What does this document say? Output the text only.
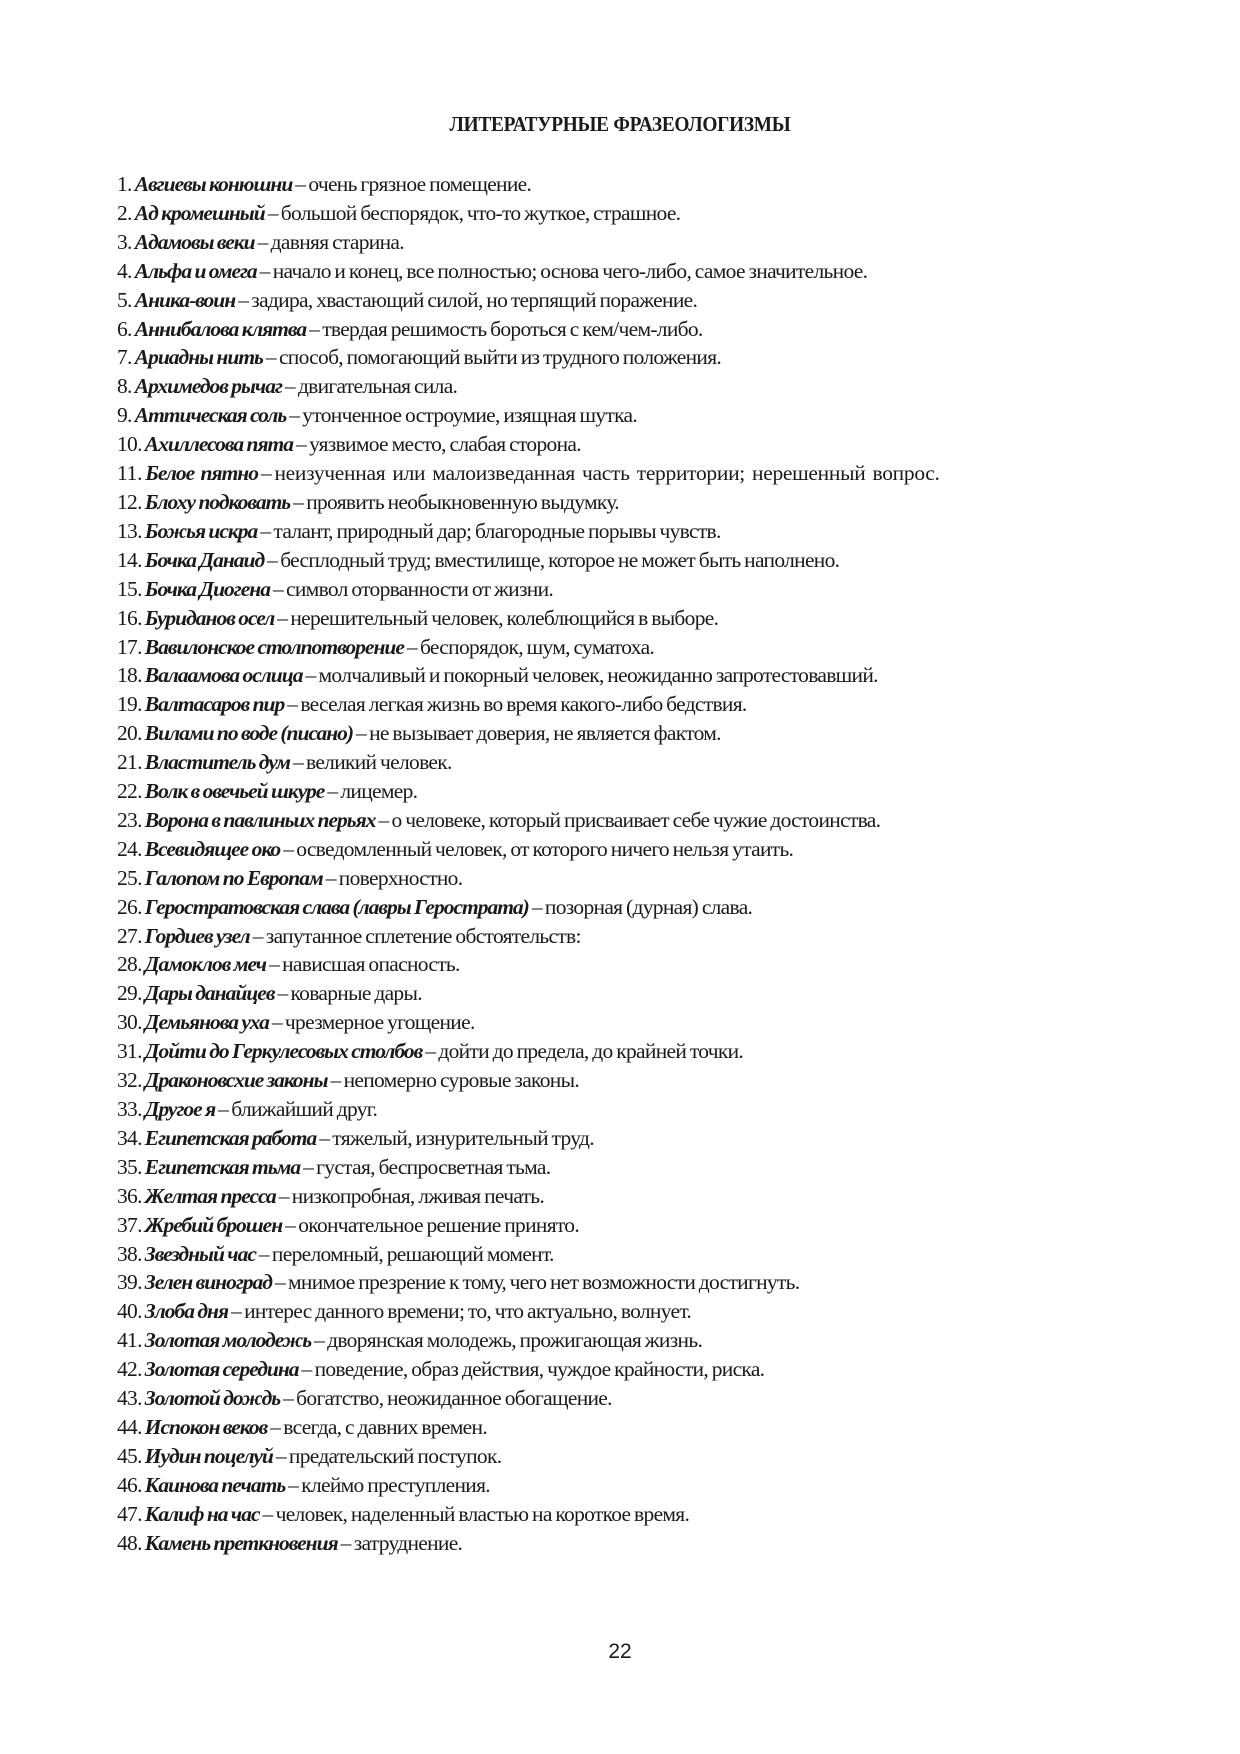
ЛИТЕРАТУРНЫЕ ФРАЗЕОЛОГИЗМЫ
1. Авгиевы конюшни – очень грязное помещение.
2. Ад кромешный – большой беспорядок, что-то жуткое, страшное.
3. Адамовы веки – давняя старина.
4. Альфа и омега – начало и конец, все полностью; основа чего-либо, самое значительное.
5. Аника-воин – задира, хвастающий силой, но терпящий поражение.
6. Аннибалова клятва – твердая решимость бороться с кем/чем-либо.
7. Ариадны нить – способ, помогающий выйти из трудного положения.
8. Архимедов рычаг – двигательная сила.
9. Аттическая соль – утонченное остроумие, изящная шутка.
10. Ахиллесова пята – уязвимое место, слабая сторона.
11. Белое пятно – неизученная или малоизведанная часть территории; нерешенный вопрос.
12. Блоху подковать – проявить необыкновенную выдумку.
13. Божья искра – талант, природный дар; благородные порывы чувств.
14. Бочка Данаид – бесплодный труд; вместилище, которое не может быть наполнено.
15. Бочка Диогена – символ оторванности от жизни.
16. Буриданов осел – нерешительный человек, колеблющийся в выборе.
17. Вавилонское столпотворение – беспорядок, шум, суматоха.
18. Валаамова ослица – молчаливый и покорный человек, неожиданно запротестовавший.
19. Валтасаров пир – веселая легкая жизнь во время какого-либо бедствия.
20. Вилами по воде (писано) – не вызывает доверия, не является фактом.
21. Властитель дум – великий человек.
22. Волк в овечьей шкуре – лицемер.
23. Ворона в павлиньих перьях – о человеке, который присваивает себе чужие достоинства.
24. Всевидящее око – осведомленный человек, от которого ничего нельзя утаить.
25. Галопом по Европам – поверхностно.
26. Геростратовская слава (лавры Герострата) – позорная (дурная) слава.
27. Гордиев узел – запутанное сплетение обстоятельств:
28. Дамоклов меч – нависшая опасность.
29. Дары данайцев – коварные дары.
30. Демьянова уха – чрезмерное угощение.
31. Дойти до Геркулесовых столбов – дойти до предела, до крайней точки.
32. Драконовсхие законы – непомерно суровые законы.
33. Другое я – ближайший друг.
34. Египетская работа – тяжелый, изнурительный труд.
35. Египетская тьма – густая, беспросветная тьма.
36. Желтая пресса – низкопробная, лживая печать.
37. Жребий брошен – окончательное решение принято.
38. Звездный час – переломный, решающий момент.
39. Зелен виноград – мнимое презрение к тому, чего нет возможности достигнуть.
40. Злоба дня – интерес данного времени; то, что актуально, волнует.
41. Золотая молодежь – дворянская молодежь, прожигающая жизнь.
42. Золотая середина – поведение, образ действия, чуждое крайности, риска.
43. Золотой дождь – богатство, неожиданное обогащение.
44. Испокон веков – всегда, с давних времен.
45. Иудин поцелуй – предательский поступок.
46. Каинова печать – клеймо преступления.
47. Калиф на час – человек, наделенный властью на короткое время.
48. Камень преткновения – затруднение.
22
